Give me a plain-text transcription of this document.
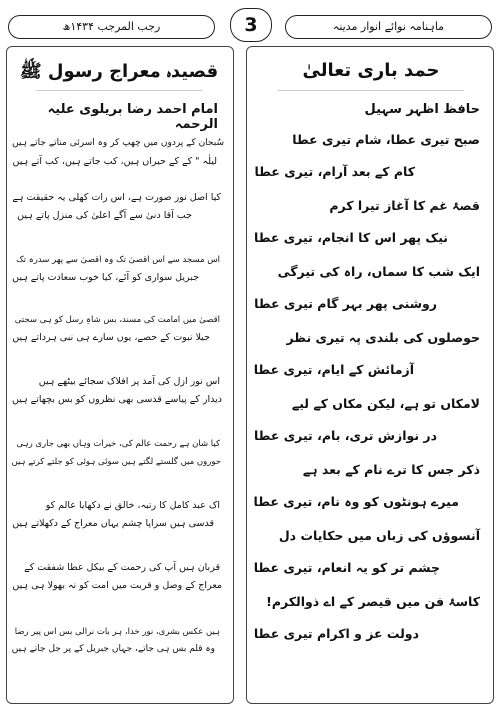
ماہنامہ نوائے انوار مدینہ
3
رجب المرجب ۱۴۳۴ھ
حمد باری تعالیٰ
حافظ اظہر سہیل
صبح تیری عطا، شام تیری عطا
کام کے بعد آرام، تیری عطا
قصۂ غم کا آغاز تیرا کرم
نیک پھر اس کا انجام، تیری عطا
ایک شب کا سماں، راہ کی تیرگی
روشنی پھر بہر گام تیری عطا
حوصلوں کی بلندی پہ تیری نظر
آزمائش کے ایام، تیری عطا
لامکاں تو ہے، لیکن مکاں کے لیے
در نوازش تری، بام، تیری عطا
ذکر جس کا ترے نام کے بعد ہے
میرے ہونٹوں کو وہ نام، تیری عطا
آنسوؤں کی زباں میں حکایات دل
چشم تر کو یہ انعام، تیری عطا
کاسۂ فن میں قیصر کے اے ذوالکرم!
دولت عز و اکرام تیری عطا
قصیدہ معراج رسول ﷺ
امام احمد رضا بریلوی علیہ الرحمہ
سُبحان کے پردوں میں چھپ کر وہ اسرئی مناتے جاتے ہیں
لیلٰہ " کے کے حیراں ہیں، کب جاتے ہیں، کب آتے ہیں
کیا اصل نور صورت ہے، اس رات کھلی یہ حقیقت ہے
جب آقا دنیٰ سے آگے اعلیٰ کی منزل پاتے ہیں
اس مسجد سے اس اقصیٰ تک وہ اقصیٰ سے پھر سدرہ تک
جبریل سواری کو آئے، کیا خوب سعادت پاتے ہیں
اقصیٰ میں امامت کی مسند، بس شاہِ رسل کو ہی سجتی
جیلا نبوت کے حصے، یوں سارے ہی نبی ہرداتے ہیں
اس نور ازل کی آمد پر افلاک سجائے بیٹھے ہیں
دیدار کے پیاسے قدسی بھی نظروں کو بس بچھاتے ہیں
کیا شان ہے رحمت عالم کی، خیرات وہاں بھی جاری رہی
حوروں میں گلستے لگتے ہیں سوئی ہوئی کو جلتے کرتے ہیں
اک عبد کامل کا رتبہ، خالق نے دکھایا عالم کو
قدسی ہیں سراپا چشم یہاں معراج کے دکھلاتے ہیں
قربان ہیں آپ کی رحمت کے بیکل عطا شفقت کے
معراج کے وصل و قربت میں امت کو نہ بھولا ہی ہیں
ہیں عکس بشری، نور خدا، ہر بات نرالی بس اس پیر رضا
وہ قلم بس ہی جاتے، جہاں جبریل کے پر جل جاتے ہیں
